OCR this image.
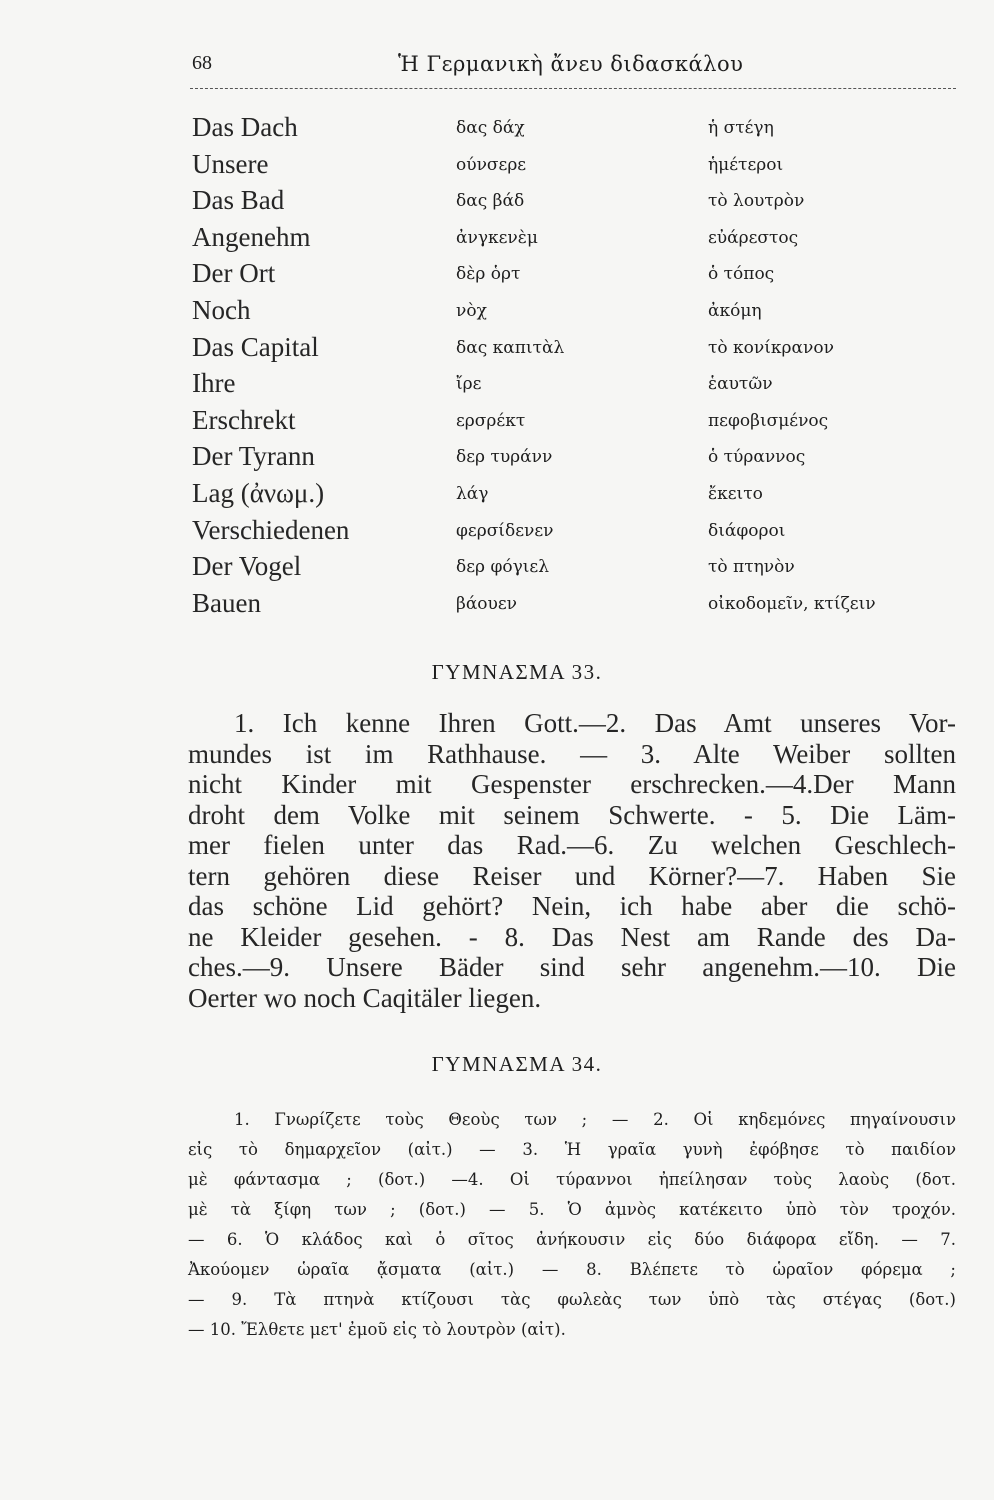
68	Ἡ Γερμανικὴ ἄνευ διδασκάλου
Das Dach	δας δάχ	ἡ στέγη
Unsere	ούνσερε	ἡμέτεροι
Das Bad	δας βάδ	τὸ λουτρὸν
Angenehm	ἀνγκενὲμ	εὐάρεστος
Der Ort	δὲρ ὁρτ	ὁ τόπος
Noch	νὸχ	ἀκόμη
Das Capital	δας καπιτὰλ	τὸ κονίκρανον
Ihre	ἴρε	ἑαυτῶν
Erschrekt	ερσρέκτ	πεφοβισμένος
Der Tyrann	δερ τυράνν	ὁ τύραννος
Lag (ἀνωμ.)	λάγ	ἔκειτο
Verschiedenen	φερσίδενεν	διάφοροι
Der Vogel	δερ φόγιελ	τὸ πτηνὸν
Bauen	βάουεν	οἰκοδομεῖν, κτίζειν
ΓΥΜΝΑΣΜΑ 33.
1. Ich kenne Ihren Gott.—2. Das Amt unseres Vor-
mundes ist im Rathhause. — 3. Alte Weiber sollten
nicht Kinder mit Gespenster erschrecken.—4.Der Mann
droht dem Volke mit seinem Schwerte. - 5. Die Läm-
mer fielen unter das Rad.—6. Zu welchen Geschlech-
tern gehören diese Reiser und Körner?—7. Haben Sie
das schöne Lid gehört? Nein, ich habe aber die schö-
ne Kleider gesehen. - 8. Das Nest am Rande des Da-
ches.—9. Unsere Bäder sind sehr angenehm.—10. Die
Oerter wo noch Caqitäler liegen.
ΓΥΜΝΑΣΜΑ 34.
1. Γνωρίζετε τοὺς Θεοὺς των ; — 2. Οἱ κηδεμόνες πηγαίνουσιν
εἰς τὸ δημαρχεῖον (αἰτ.) — 3. Ἡ γραῖα γυνὴ ἐφόβησε τὸ παιδίον
μὲ φάντασμα ; (δοτ.) —4. Οἱ τύραννοι ἠπείλησαν τοὺς λαοὺς (δοτ.
μὲ τὰ ξίφη των ; (δοτ.) — 5. Ὁ ἀμνὸς κατέκειτο ὑπὸ τὸν τροχόν.
— 6. Ὁ κλάδος καὶ ὁ σῖτος ἀνήκουσιν εἰς δύο διάφορα εἴδη. — 7.
Ἀκούομεν ὡραῖα ᾄσματα (αἰτ.) — 8. Βλέπετε τὸ ὡραῖον φόρεμα ;
— 9. Τὰ πτηνὰ κτίζουσι τὰς φωλεὰς των ὑπὸ τὰς στέγας (δοτ.)
— 10. Ἔλθετε μετ' ἐμοῦ εἰς τὸ λουτρὸν (αἰτ).
